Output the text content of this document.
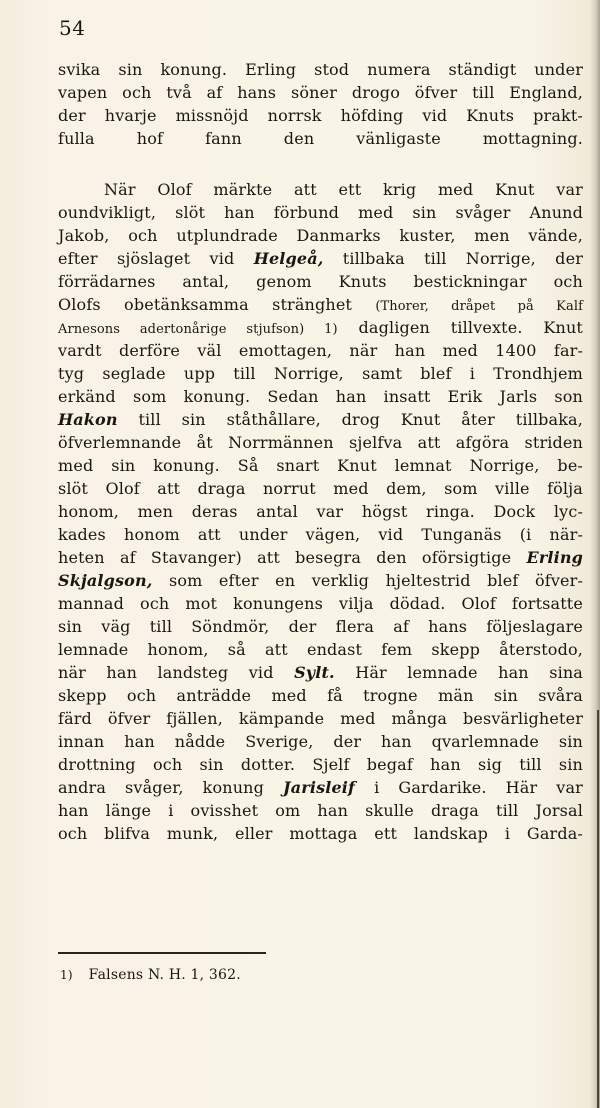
54
svika sin konung. Erling stod numera ständigt under
vapen och två af hans söner drogo öfver till England,
der hvarje missnöjd norrsk höfding vid Knuts prakt-
fulla hof fann den vänligaste mottagning.
När Olof märkte att ett krig med Knut var
oundvikligt, slöt han förbund med sin svåger Anund
Jakob, och utplundrade Danmarks kuster, men vände,
efter sjöslaget vid Helgeå, tillbaka till Norrige, der
förrädarnes antal, genom Knuts bestickningar och
Olofs obetänksamma stränghet (Thorer, dråpet på Kalf
Arnesons adertonårige stjufson) 1) dagligen tillvexte. Knut
vardt derföre väl emottagen, när han med 1400 far-
tyg seglade upp till Norrige, samt blef i Trondhjem
erkänd som konung. Sedan han insatt Erik Jarls son
Hakon till sin ståthållare, drog Knut åter tillbaka,
öfverlemnande åt Norrmännen sjelfva att afgöra striden
med sin konung. Så snart Knut lemnat Norrige, be-
slöt Olof att draga norrut med dem, som ville följa
honom, men deras antal var högst ringa. Dock lyc-
kades honom att under vägen, vid Tunganäs (i när-
heten af Stavanger) att besegra den oförsigtige Erling
Skjalgson, som efter en verklig hjeltestrid blef öfver-
mannad och mot konungens vilja dödad. Olof fortsatte
sin väg till Söndmör, der flera af hans följeslagare
lemnade honom, så att endast fem skepp återstodo,
när han landsteg vid Sylt. Här lemnade han sina
skepp och anträdde med få trogne män sin svåra
färd öfver fjällen, kämpande med många besvärligheter
innan han nådde Sverige, der han qvarlemnade sin
drottning och sin dotter. Sjelf begaf han sig till sin
andra svåger, konung Jarisleif i Gardarike. Här var
han länge i ovisshet om han skulle draga till Jorsal
och blifva munk, eller mottaga ett landskap i Garda-
1) Falsens N. H. 1, 362.
